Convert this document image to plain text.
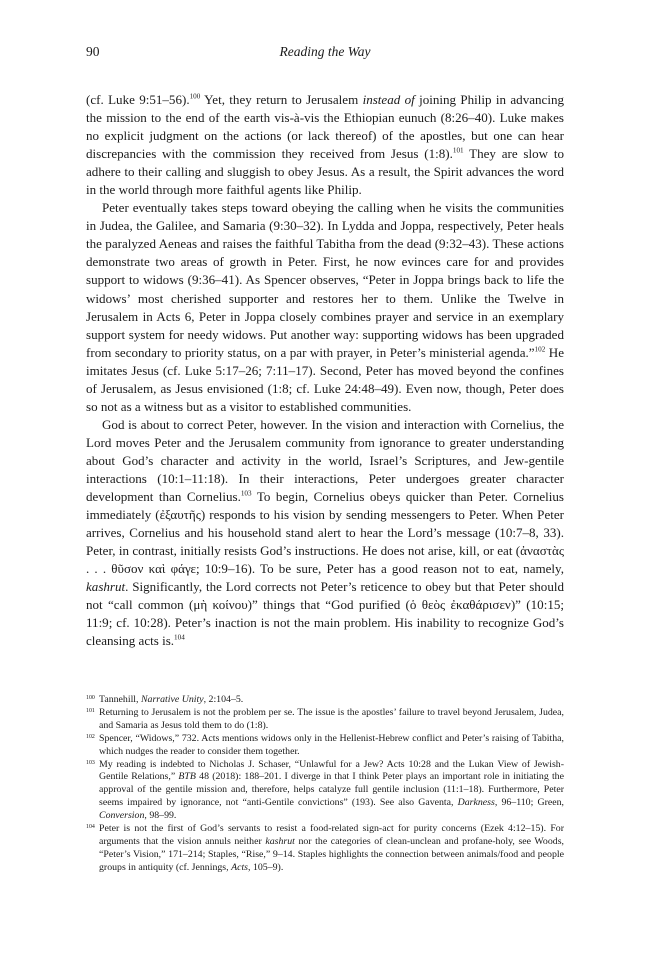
90	Reading the Way

(cf. Luke 9:51–56).$^{100}$ Yet, they return to Jerusalem instead of joining Philip in advancing the mission to the end of the earth vis-à-vis the Ethiopian eunuch (8:26–40). Luke makes no explicit judgment on the actions (or lack thereof) of the apostles, but one can hear discrepancies with the commission they received from Jesus (1:8).$^{101}$ They are slow to adhere to their calling and sluggish to obey Jesus. As a result, the Spirit advances the word in the world through more faithful agents like Philip.

Peter eventually takes steps toward obeying the calling when he visits the communities in Judea, the Galilee, and Samaria (9:30–32). In Lydda and Joppa, respectively, Peter heals the paralyzed Aeneas and raises the faithful Tabitha from the dead (9:32–43). These actions demonstrate two areas of growth in Peter. First, he now evinces care for and provides support to widows (9:36–41). As Spencer observes, “Peter in Joppa brings back to life the widows’ most cherished supporter and restores her to them. Unlike the Twelve in Jerusalem in Acts 6, Peter in Joppa closely combines prayer and service in an exemplary support system for needy widows. Put another way: supporting widows has been upgraded from secondary to priority status, on a par with prayer, in Peter’s ministerial agenda.”$^{102}$ He imitates Jesus (cf. Luke 5:17–26; 7:11–17). Second, Peter has moved beyond the confines of Jerusalem, as Jesus envisioned (1:8; cf. Luke 24:48–49). Even now, though, Peter does so not as a witness but as a visitor to established communities.

God is about to correct Peter, however. In the vision and interaction with Cornelius, the Lord moves Peter and the Jerusalem community from ignorance to greater understanding about God’s character and activity in the world, Israel’s Scriptures, and Jew-gentile interactions (10:1–11:18). In their interactions, Peter undergoes greater character development than Cornelius.$^{103}$ To begin, Cornelius obeys quicker than Peter. Cornelius immediately (ἐξαυτῆς) responds to his vision by sending messengers to Peter. When Peter arrives, Cornelius and his household stand alert to hear the Lord’s message (10:7–8, 33). Peter, in contrast, initially resists God’s instructions. He does not arise, kill, or eat (ἀναστὰς . . . θῦσον καὶ φάγε; 10:9–16). To be sure, Peter has a good reason not to eat, namely, kashrut. Significantly, the Lord corrects not Peter’s reticence to obey but that Peter should not “call common (μὴ κοίνου)” things that “God purified (ὁ θεὸς ἐκαθάρισεν)” (10:15; 11:9; cf. 10:28). Peter’s inaction is not the main problem. His inability to recognize God’s cleansing acts is.$^{104}$

100 Tannehill, Narrative Unity, 2:104–5.

101 Returning to Jerusalem is not the problem per se. The issue is the apostles’ failure to travel beyond Jerusalem, Judea, and Samaria as Jesus told them to do (1:8).

102 Spencer, “Widows,” 732. Acts mentions widows only in the Hellenist-Hebrew conflict and Peter’s raising of Tabitha, which nudges the reader to consider them together.

103 My reading is indebted to Nicholas J. Schaser, “Unlawful for a Jew? Acts 10:28 and the Lukan View of Jewish-Gentile Relations,” BTB 48 (2018): 188–201. I diverge in that I think Peter plays an important role in initiating the approval of the gentile mission and, therefore, helps catalyze full gentile inclusion (11:1–18). Furthermore, Peter seems impaired by ignorance, not “anti-Gentile convictions” (193). See also Gaventa, Darkness, 96–110; Green, Conversion, 98–99.

104 Peter is not the first of God’s servants to resist a food-related sign-act for purity concerns (Ezek 4:12–15). For arguments that the vision annuls neither kashrut nor the categories of clean-unclean and profane-holy, see Woods, “Peter’s Vision,” 171–214; Staples, “Rise,” 9–14. Staples highlights the connection between animals/food and people groups in antiquity (cf. Jennings, Acts, 105–9).
